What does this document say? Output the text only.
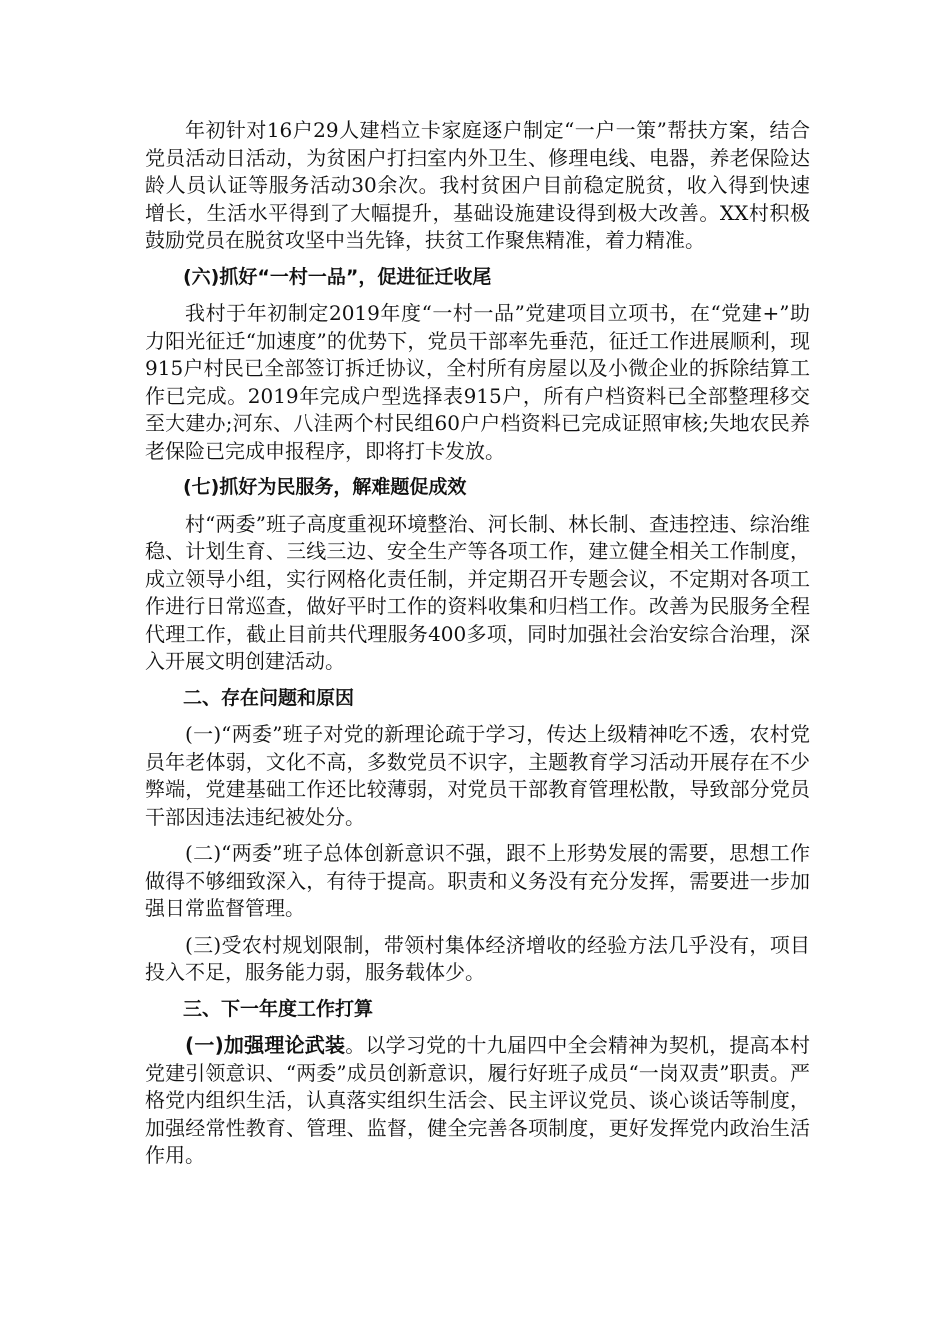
年初针对16户29人建档立卡家庭逐户制定“一户一策”帮扶方案，结合党员活动日活动，为贫困户打扫室内外卫生、修理电线、电器，养老保险达龄人员认证等服务活动30余次。我村贫困户目前稳定脱贫，收入得到快速增长，生活水平得到了大幅提升，基础设施建设得到极大改善。XX村积极鼓励党员在脱贫攻坚中当先锋，扶贫工作聚焦精准，着力精准。

(六)抓好“一村一品”，促进征迁收尾

我村于年初制定2019年度“一村一品”党建项目立项书，在“党建+”助力阳光征迁“加速度”的优势下，党员干部率先垂范，征迁工作进展顺利，现 915户村民已全部签订拆迁协议，全村所有房屋以及小微企业的拆除结算工作已完成。2019年完成户型选择表915户，所有户档资料已全部整理移交至大建办;河东、八洼两个村民组60户户档资料已完成证照审核;失地农民养老保险已完成申报程序，即将打卡发放。

(七)抓好为民服务，解难题促成效

村“两委”班子高度重视环境整治、河长制、林长制、查违控违、综治维稳、计划生育、三线三边、安全生产等各项工作，建立健全相关工作制度，成立领导小组，实行网格化责任制，并定期召开专题会议，不定期对各项工作进行日常巡查，做好平时工作的资料收集和归档工作。改善为民服务全程代理工作，截止目前共代理服务400多项，同时加强社会治安综合治理，深入开展文明创建活动。

二、存在问题和原因

(一)“两委”班子对党的新理论疏于学习，传达上级精神吃不透，农村党员年老体弱，文化不高，多数党员不识字，主题教育学习活动开展存在不少弊端，党建基础工作还比较薄弱，对党员干部教育管理松散，导致部分党员干部因违法违纪被处分。

(二)“两委”班子总体创新意识不强，跟不上形势发展的需要，思想工作做得不够细致深入，有待于提高。职责和义务没有充分发挥，需要进一步加强日常监督管理。

(三)受农村规划限制，带领村集体经济增收的经验方法几乎没有，项目投入不足，服务能力弱，服务载体少。

三、下一年度工作打算

(一)加强理论武装。以学习党的十九届四中全会精神为契机，提高本村党建引领意识、“两委”成员创新意识，履行好班子成员“一岗双责”职责。严格党内组织生活，认真落实组织生活会、民主评议党员、谈心谈话等制度，加强经常性教育、管理、监督，健全完善各项制度，更好发挥党内政治生活作用。
